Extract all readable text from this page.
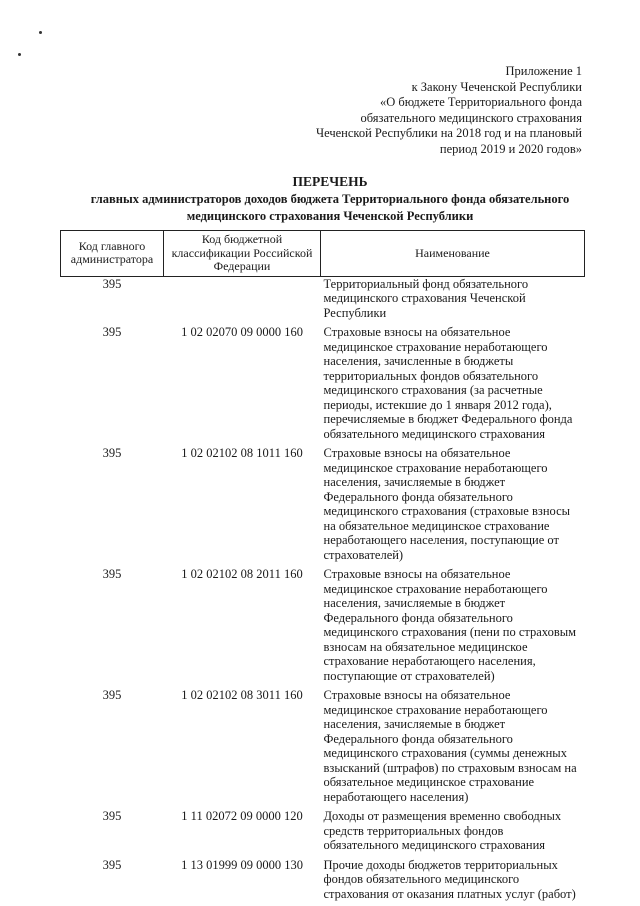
Приложение 1
к Закону Чеченской Республики
«О бюджете Территориального фонда
обязательного медицинского страхования
Чеченской Республики на 2018 год и на плановый
период 2019 и 2020 годов»
ПЕРЕЧЕНЬ
главных администраторов доходов бюджета Территориального фонда обязательного
медицинского страхования Чеченской Республики
Код главного администратора	Код бюджетной классификации Российской Федерации	Наименование
395		Территориальный фонд обязательного медицинского страхования Чеченской Республики
395	1 02 02070 09 0000 160	Страховые взносы на обязательное медицинское страхование неработающего населения, зачисленные в бюджеты территориальных фондов обязательного медицинского страхования (за расчетные периоды, истекшие до 1 января 2012 года), перечисляемые в бюджет Федерального фонда обязательного медицинского страхования
395	1 02 02102 08 1011 160	Страховые взносы на обязательное медицинское страхование неработающего населения, зачисляемые в бюджет Федерального фонда обязательного медицинского страхования (страховые взносы на обязательное медицинское страхование неработающего населения, поступающие от страхователей)
395	1 02 02102 08 2011 160	Страховые взносы на обязательное медицинское страхование неработающего населения, зачисляемые в бюджет Федерального фонда обязательного медицинского страхования (пени по страховым взносам на обязательное медицинское страхование неработающего населения, поступающие от страхователей)
395	1 02 02102 08 3011 160	Страховые взносы на обязательное медицинское страхование неработающего населения, зачисляемые в бюджет Федерального фонда обязательного медицинского страхования (суммы денежных взысканий (штрафов) по страховым взносам на обязательное медицинское страхование неработающего населения)
395	1 11 02072 09 0000 120	Доходы от размещения временно свободных средств территориальных фондов обязательного медицинского страхования
395	1 13 01999 09 0000 130	Прочие доходы бюджетов территориальных фондов обязательного медицинского страхования от оказания платных услуг (работ)
